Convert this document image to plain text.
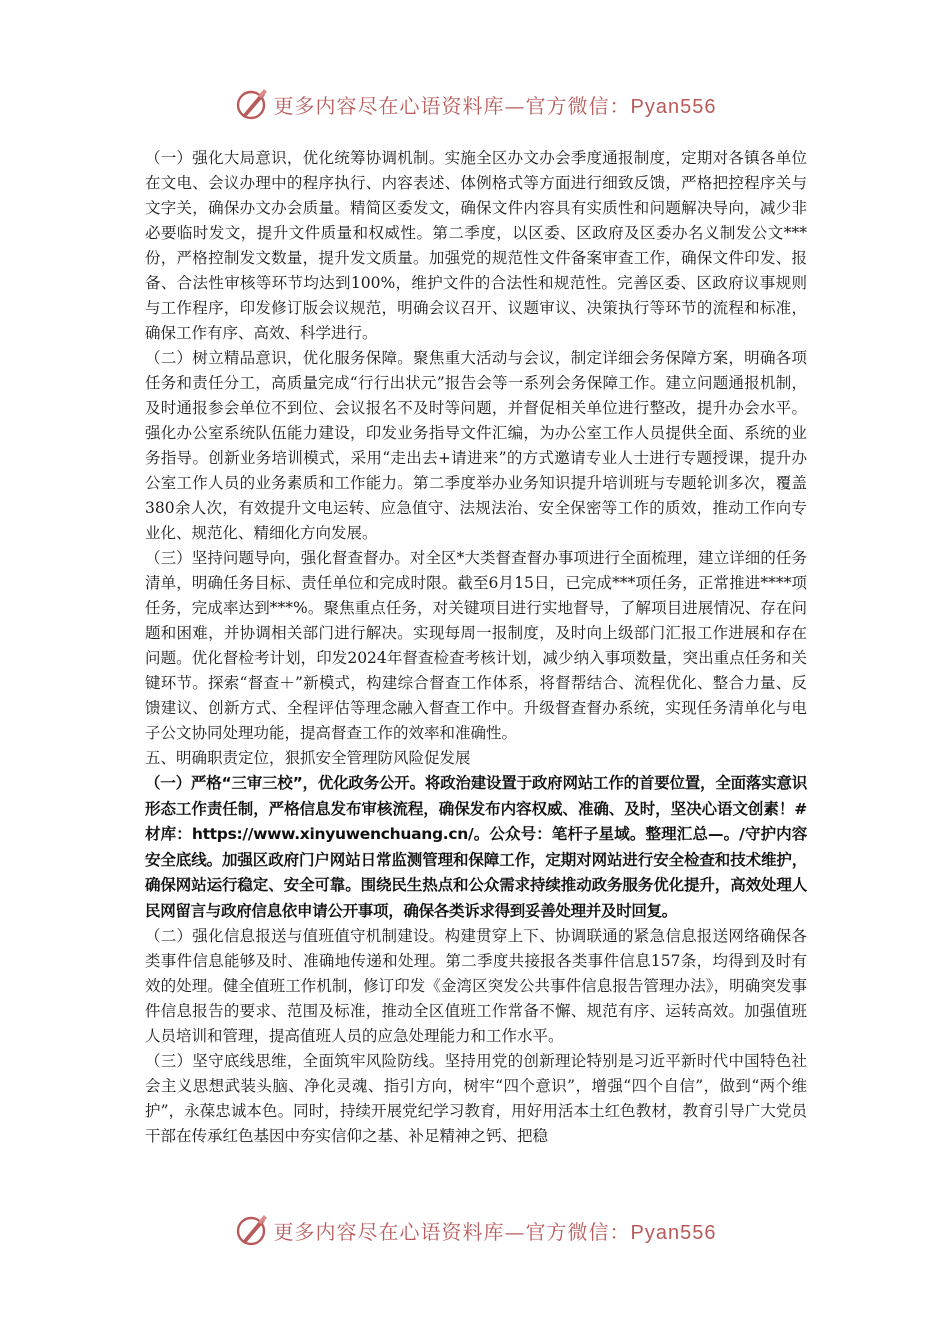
更多内容尽在心语资料库—官方微信：Pyan556

（一）强化大局意识，优化统筹协调机制。实施全区办文办会季度通报制度，定期对各镇各单位在文电、会议办理中的程序执行、内容表述、体例格式等方面进行细致反馈，严格把控程序关与文字关，确保办文办会质量。精简区委发文，确保文件内容具有实质性和问题解决导向，减少非必要临时发文，提升文件质量和权威性。第二季度，以区委、区政府及区委办名义制发公文***份，严格控制发文数量，提升发文质量。加强党的规范性文件备案审查工作，确保文件印发、报备、合法性审核等环节均达到100%，维护文件的合法性和规范性。完善区委、区政府议事规则与工作程序，印发修订版会议规范，明确会议召开、议题审议、决策执行等环节的流程和标准，确保工作有序、高效、科学进行。

（二）树立精品意识，优化服务保障。聚焦重大活动与会议，制定详细会务保障方案，明确各项任务和责任分工，高质量完成“行行出状元”报告会等一系列会务保障工作。建立问题通报机制，及时通报参会单位不到位、会议报名不及时等问题，并督促相关单位进行整改，提升办会水平。强化办公室系统队伍能力建设，印发业务指导文件汇编，为办公室工作人员提供全面、系统的业务指导。创新业务培训模式，采用“走出去+请进来”的方式邀请专业人士进行专题授课，提升办公室工作人员的业务素质和工作能力。第二季度举办业务知识提升培训班与专题轮训多次，覆盖380余人次，有效提升文电运转、应急值守、法规法治、安全保密等工作的质效，推动工作向专业化、规范化、精细化方向发展。

（三）坚持问题导向，强化督查督办。对全区*大类督查督办事项进行全面梳理，建立详细的任务清单，明确任务目标、责任单位和完成时限。截至6月15日，已完成***项任务，正常推进****项任务，完成率达到***%。聚焦重点任务，对关键项目进行实地督导，了解项目进展情况、存在问题和困难，并协调相关部门进行解决。实现每周一报制度，及时向上级部门汇报工作进展和存在问题。优化督检考计划，印发2024年督查检查考核计划，减少纳入事项数量，突出重点任务和关键环节。探索“督查＋”新模式，构建综合督查工作体系，将督帮结合、流程优化、整合力量、反馈建议、创新方式、全程评估等理念融入督查工作中。升级督查督办系统，实现任务清单化与电子公文协同处理功能，提高督查工作的效率和准确性。

五、明确职责定位，狠抓安全管理防风险促发展

（一）严格“三审三校”，优化政务公开。将政治建设置于政府网站工作的首要位置，全面落实意识形态工作责任制，严格信息发布审核流程，确保发布内容权威、准确、及时，坚决心语文创素！#材库：https://www.xinyuwenchuang.cn/。公众号：笔杆子星域。整理汇总—。/守护内容安全底线。加强区政府门户网站日常监测管理和保障工作，定期对网站进行安全检查和技术维护，确保网站运行稳定、安全可靠。围绕民生热点和公众需求持续推动政务服务优化提升，高效处理人民网留言与政府信息依申请公开事项，确保各类诉求得到妥善处理并及时回复。

（二）强化信息报送与值班值守机制建设。构建贯穿上下、协调联通的紧急信息报送网络确保各类事件信息能够及时、准确地传递和处理。第二季度共接报各类事件信息157条，均得到及时有效的处理。健全值班工作机制，修订印发《金湾区突发公共事件信息报告管理办法》，明确突发事件信息报告的要求、范围及标准，推动全区值班工作常备不懈、规范有序、运转高效。加强值班人员培训和管理，提高值班人员的应急处理能力和工作水平。

（三）坚守底线思维，全面筑牢风险防线。坚持用党的创新理论特别是习近平新时代中国特色社会主义思想武装头脑、净化灵魂、指引方向，树牢“四个意识”，增强“四个自信”，做到“两个维护”，永葆忠诚本色。同时，持续开展党纪学习教育，用好用活本土红色教材，教育引导广大党员干部在传承红色基因中夯实信仰之基、补足精神之钙、把稳

更多内容尽在心语资料库—官方微信：Pyan556
